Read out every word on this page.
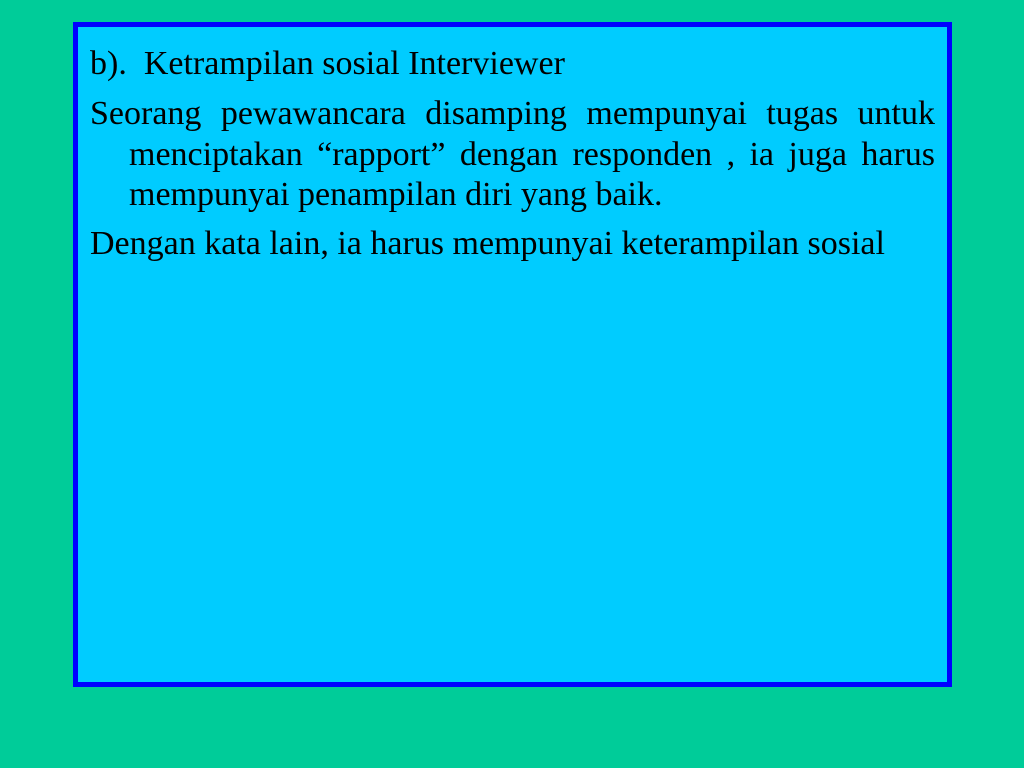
b).  Ketrampilan sosial Interviewer
Seorang pewawancara disamping mempunyai tugas untuk menciptakan “rapport” dengan responden , ia juga harus mempunyai penampilan diri yang baik.
Dengan kata lain, ia harus mempunyai keterampilan sosial
